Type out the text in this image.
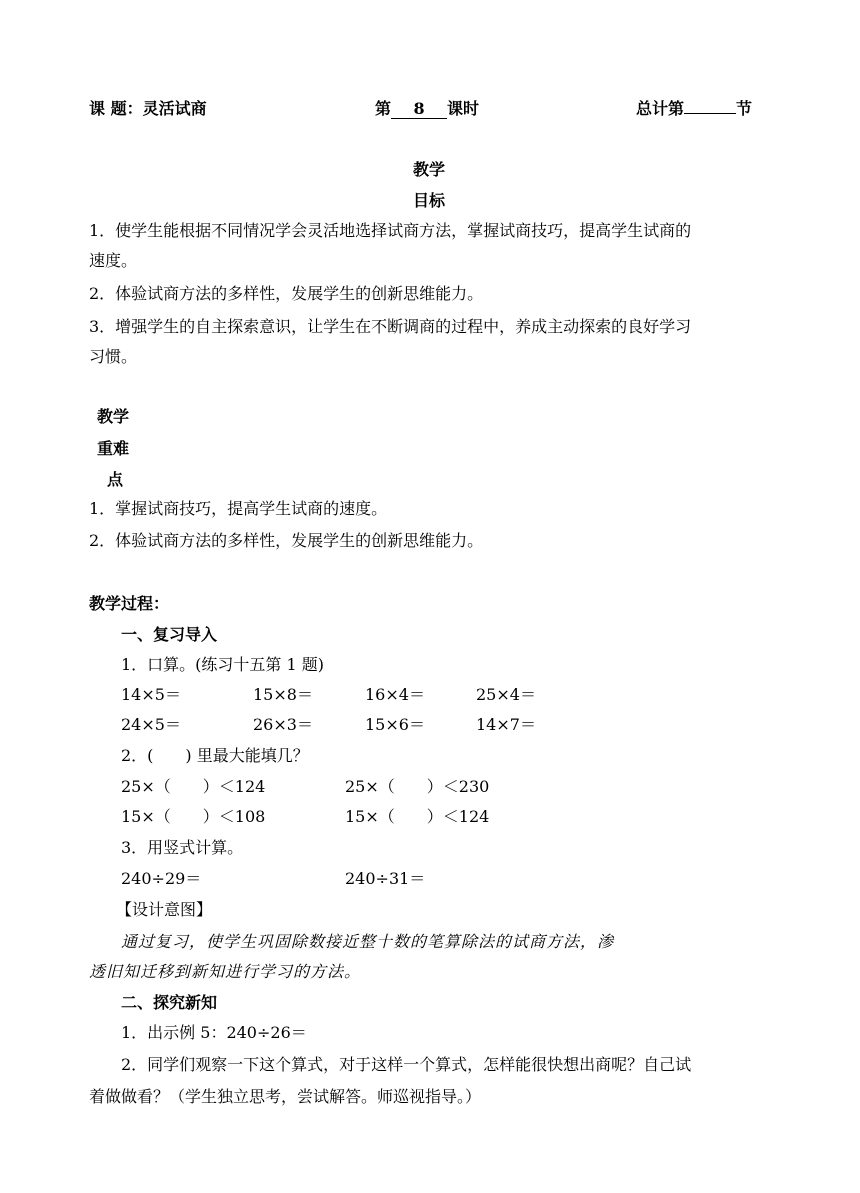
课 题：灵活试商	第 8 课时	总计第	节
教学
目标
1．使学生能根据不同情况学会灵活地选择试商方法，掌握试商技巧，提高学生试商的
速度。
2．体验试商方法的多样性，发展学生的创新思维能力。
3．增强学生的自主探索意识，让学生在不断调商的过程中，养成主动探索的良好学习
习惯。
教学
重难
点
1．掌握试商技巧，提高学生试商的速度。
2．体验试商方法的多样性，发展学生的创新思维能力。
教学过程：
一、复习导入
1．口算。(练习十五第 1 题)
14×5＝	15×8＝	16×4＝	25×4＝
24×5＝	26×3＝	15×6＝	14×7＝
2．(　　) 里最大能填几？
25×（　　）＜124	25×（　　）＜230
15×（　　）＜108	15×（　　）＜124
3．用竖式计算。
240÷29＝	240÷31＝
【设计意图】
通过复习，使学生巩固除数接近整十数的笔算除法的试商方法，渗
透旧知迁移到新知进行学习的方法。
二、探究新知
1．出示例 5：240÷26＝
2．同学们观察一下这个算式，对于这样一个算式，怎样能很快想出商呢？自己试
着做做看？（学生独立思考，尝试解答。师巡视指导。）
